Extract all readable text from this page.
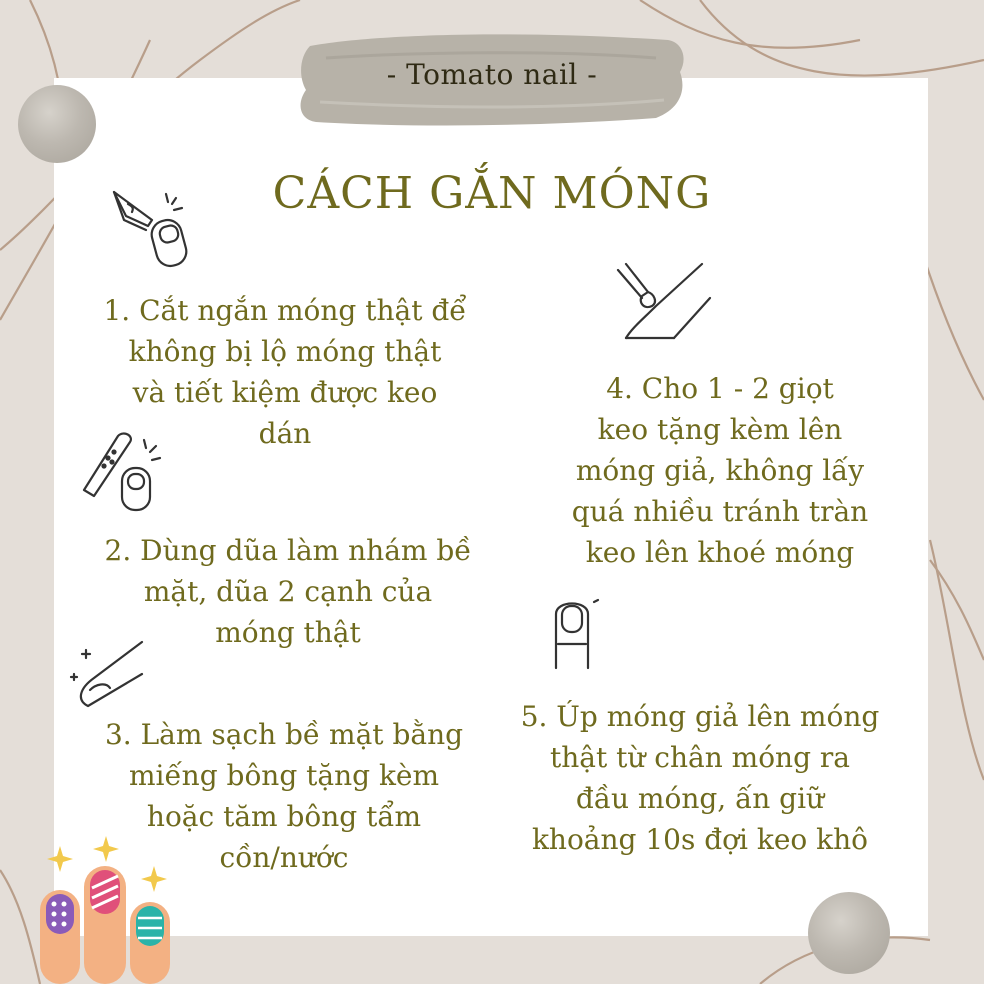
- Tomato nail -
CÁCH GẮN MÓNG
1. Cắt ngắn móng thật để
không bị lộ móng thật
và tiết kiệm được keo
dán
2. Dùng dũa làm nhám bề
mặt, dũa 2 cạnh của
móng thật
3. Làm sạch bề mặt bằng
miếng bông tặng kèm
hoặc tăm bông tẩm
cồn/nước
4. Cho 1 - 2 giọt
keo tặng kèm lên
móng giả, không lấy
quá nhiều tránh tràn
keo lên khoé móng
5. Úp móng giả lên móng
thật từ chân móng ra
đầu móng, ấn giữ
khoảng 10s đợi keo khô
